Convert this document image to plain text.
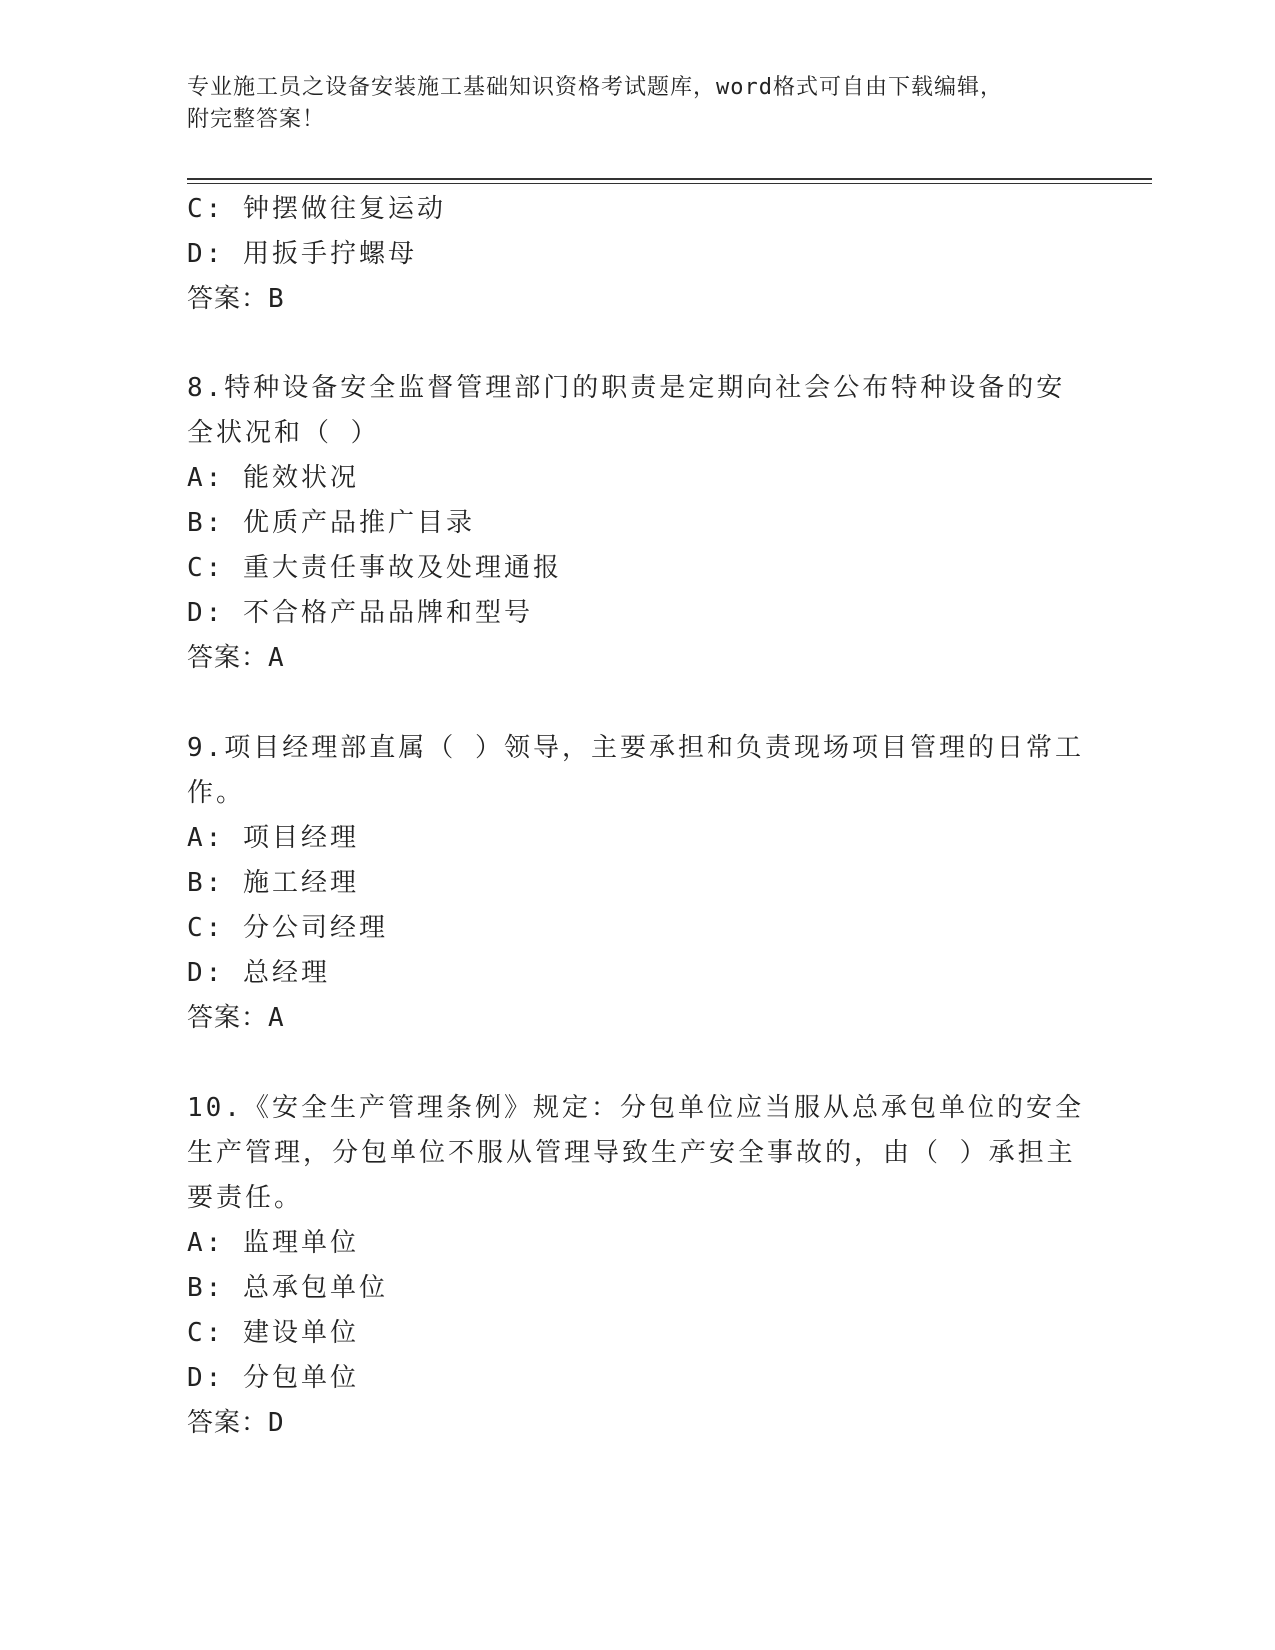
专业施工员之设备安装施工基础知识资格考试题库，word格式可自由下载编辑，
附完整答案！
C: 钟摆做往复运动
D: 用扳手拧螺母
答案：B
8.特种设备安全监督管理部门的职责是定期向社会公布特种设备的安
全状况和（ ）
A: 能效状况
B: 优质产品推广目录
C: 重大责任事故及处理通报
D: 不合格产品品牌和型号
答案：A
9.项目经理部直属（ ）领导，主要承担和负责现场项目管理的日常工
作。
A: 项目经理
B: 施工经理
C: 分公司经理
D: 总经理
答案：A
10.《安全生产管理条例》规定：分包单位应当服从总承包单位的安全
生产管理，分包单位不服从管理导致生产安全事故的，由（ ）承担主
要责任。
A: 监理单位
B: 总承包单位
C: 建设单位
D: 分包单位
答案：D
